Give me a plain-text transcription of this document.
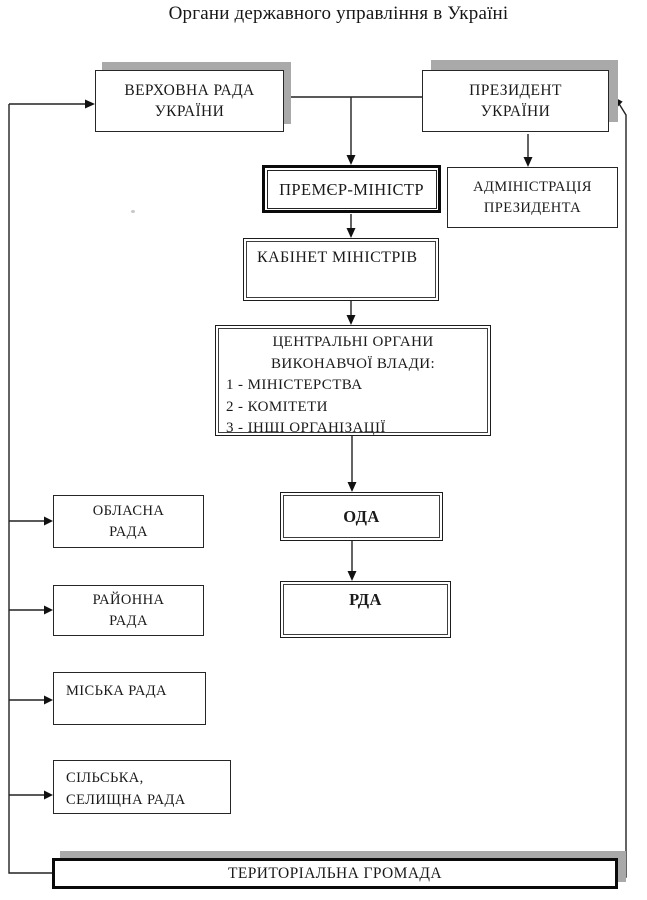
Органи державного управління в Україні
ВЕРХОВНА РАДА
УКРАЇНИ
ПРЕЗИДЕНТ
УКРАЇНИ
АДМІНІСТРАЦІЯ
ПРЕЗИДЕНТА
ПРЕМЄР-МІНІСТР
КАБІНЕТ МІНІСТРІВ
ЦЕНТРАЛЬНІ ОРГАНИ
ВИКОНАВЧОЇ ВЛАДИ:
1 - МІНІСТЕРСТВА
2 - КОМІТЕТИ
3 - ІНШІ ОРГАНІЗАЦІЇ
ОДА
РДА
ОБЛАСНА
РАДА
РАЙОННА
РАДА
МІСЬКА РАДА
СІЛЬСЬКА,
СЕЛИЩНА РАДА
ТЕРИТОРІАЛЬНА ГРОМАДА
